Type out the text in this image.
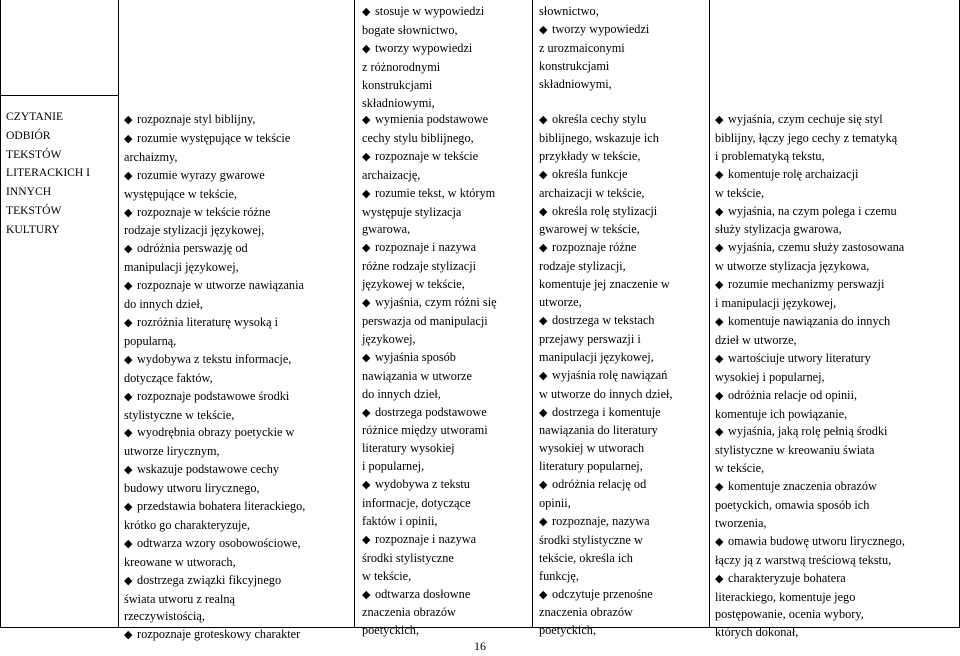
CZYTANIE
ODBIÓR
TEKSTÓW
LITERACKICH I
INNYCH
TEKSTÓW
KULTURY
◆ rozpoznaje styl biblijny,
◆ rozumie występujące w tekście
archaizmy,
◆ rozumie wyrazy gwarowe
występujące w tekście,
◆ rozpoznaje w tekście różne
rodzaje stylizacji językowej,
◆ odróżnia perswazję od
manipulacji językowej,
◆ rozpoznaje w utworze nawiązania
do innych dzieł,
◆ rozróżnia literaturę wysoką i
popularną,
◆ wydobywa z tekstu informacje,
dotyczące faktów,
◆ rozpoznaje podstawowe środki
stylistyczne w tekście,
◆ wyodrębnia obrazy poetyckie w
utworze lirycznym,
◆ wskazuje podstawowe cechy
budowy utworu lirycznego,
◆ przedstawia bohatera literackiego,
krótko go charakteryzuje,
◆ odtwarza wzory osobowościowe,
kreowane w utworach,
◆ dostrzega związki fikcyjnego
świata utworu z realną
rzeczywistością,
◆ rozpoznaje groteskowy charakter
◆ stosuje w wypowiedzi
bogate słownictwo,
◆ tworzy wypowiedzi
z różnorodnymi
konstrukcjami
składniowymi,
◆ wymienia podstawowe
cechy stylu biblijnego,
◆ rozpoznaje w tekście
archaizację,
◆ rozumie tekst, w którym
występuje stylizacja
gwarowa,
◆ rozpoznaje i nazywa
różne rodzaje stylizacji
językowej w tekście,
◆ wyjaśnia, czym różni się
perswazja od manipulacji
językowej,
◆ wyjaśnia sposób
nawiązania w utworze
do innych dzieł,
◆ dostrzega podstawowe
różnice między utworami
literatury wysokiej
i popularnej,
◆ wydobywa z tekstu
informacje, dotyczące
faktów i opinii,
◆ rozpoznaje i nazywa
środki stylistyczne
w tekście,
◆ odtwarza dosłowne
znaczenia obrazów
poetyckich,
słownictwo,
◆ tworzy wypowiedzi
z urozmaiconymi
konstrukcjami
składniowymi,
◆ określa cechy stylu
biblijnego, wskazuje ich
przykłady w tekście,
◆ określa funkcje
archaizacji w tekście,
◆ określa rolę stylizacji
gwarowej w tekście,
◆ rozpoznaje różne
rodzaje stylizacji,
komentuje jej znaczenie w
utworze,
◆ dostrzega w tekstach
przejawy perswazji i
manipulacji językowej,
◆ wyjaśnia rolę nawiązań
w utworze do innych dzieł,
◆ dostrzega i komentuje
nawiązania do literatury
wysokiej w utworach
literatury popularnej,
◆ odróżnia relację od
opinii,
◆ rozpoznaje, nazywa
środki stylistyczne w
tekście, określa ich
funkcję,
◆ odczytuje przenośne
znaczenia obrazów
poetyckich,
◆ wyjaśnia, czym cechuje się styl
biblijny, łączy jego cechy z tematyką
i problematyką tekstu,
◆ komentuje rolę archaizacji
w tekście,
◆ wyjaśnia, na czym polega i czemu
służy stylizacja gwarowa,
◆ wyjaśnia, czemu służy zastosowana
w utworze stylizacja językowa,
◆ rozumie mechanizmy perswazji
i manipulacji językowej,
◆ komentuje nawiązania do innych
dzieł w utworze,
◆ wartościuje utwory literatury
wysokiej i popularnej,
◆ odróżnia relacje od opinii,
komentuje ich powiązanie,
◆ wyjaśnia, jaką rolę pełnią środki
stylistyczne w kreowaniu świata
w tekście,
◆ komentuje znaczenia obrazów
poetyckich, omawia sposób ich
tworzenia,
◆ omawia budowę utworu lirycznego,
łączy ją z warstwą treściową tekstu,
◆ charakteryzuje bohatera
literackiego, komentuje jego
postępowanie, ocenia wybory,
których dokonał,
16
